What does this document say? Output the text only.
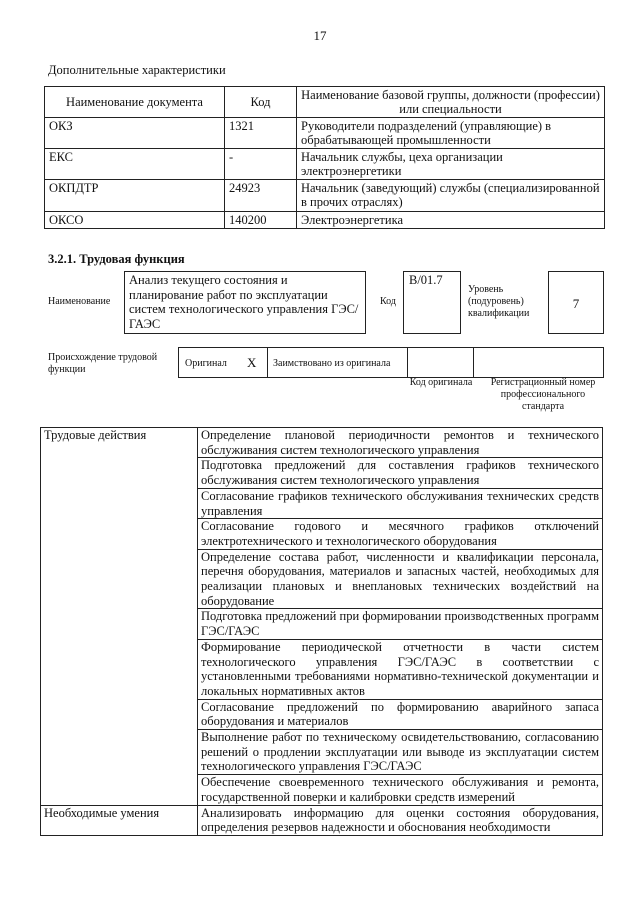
17
Дополнительные характеристики
Наименование документа	Код	Наименование базовой группы, должности (профессии) или специальности
ОКЗ	1321	Руководители подразделений (управляющие) в обрабатывающей промышленности
ЕКС	-	Начальник службы, цеха организации электроэнергетики
ОКПДТР	24923	Начальник (заведующий) службы (специализированной в прочих отраслях)
ОКСО	140200	Электроэнергетика
3.2.1. Трудовая функция
Наименование
Анализ текущего состояния и планирование работ по эксплуатации систем технологического управления ГЭС/ГАЭС
Код
В/01.7
Уровень (подуровень) квалификации
7
Происхождение трудовой функции
Оригинал X Заимствовано из оригинала
Код оригинала	Регистрационный номер профессионального стандарта
Трудовые действия	Определение плановой периодичности ремонтов и технического обслуживания систем технологического управления
	Подготовка предложений для составления графиков технического обслуживания систем технологического управления
	Согласование графиков технического обслуживания технических средств управления
	Согласование годового и месячного графиков отключений электротехнического и технологического оборудования
	Определение состава работ, численности и квалификации персонала, перечня оборудования, материалов и запасных частей, необходимых для реализации плановых и внеплановых технических воздействий на оборудование
	Подготовка предложений при формировании производственных программ ГЭС/ГАЭС
	Формирование периодической отчетности в части систем технологического управления ГЭС/ГАЭС в соответствии с установленными требованиями нормативно-технической документации и локальных нормативных актов
	Согласование предложений по формированию аварийного запаса оборудования и материалов
	Выполнение работ по техническому освидетельствованию, согласованию решений о продлении эксплуатации или выводе из эксплуатации систем технологического управления ГЭС/ГАЭС
	Обеспечение своевременного технического обслуживания и ремонта, государственной поверки и калибровки средств измерений
Необходимые умения	Анализировать информацию для оценки состояния оборудования, определения резервов надежности и обоснования необходимости
